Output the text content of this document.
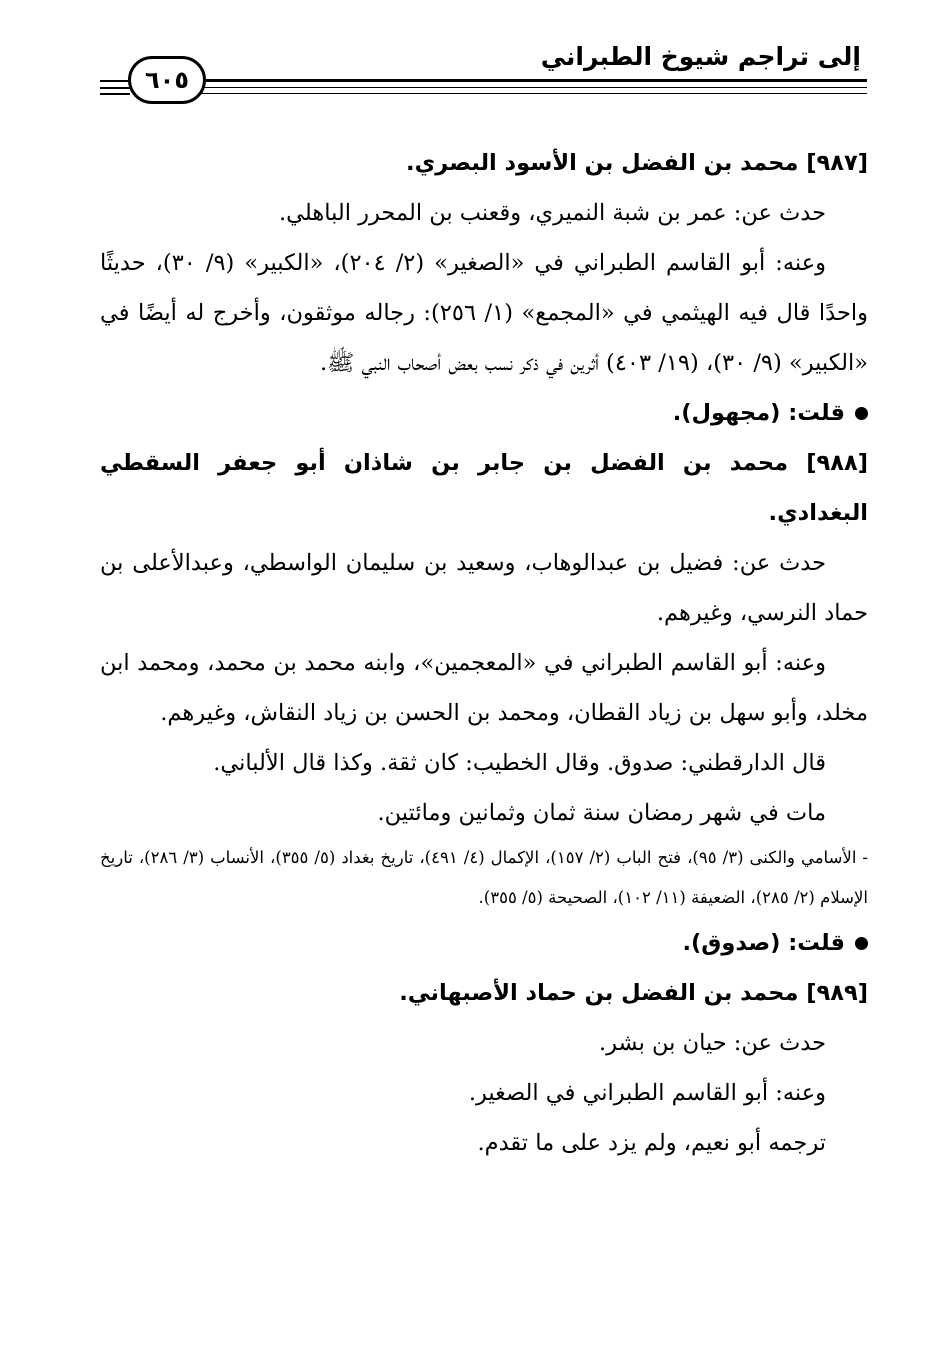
إلى تراجم شيوخ الطبراني
٦٠٥

[٩٨٧] محمد بن الفضل بن الأسود البصري.

حدث عن: عمر بن شبة النميري، وقعنب بن المحرر الباهلي.

وعنه: أبو القاسم الطبراني في «الصغير» (٢/ ٢٠٤)، «الكبير» (٩/ ٣٠)، حديثًا واحدًا قال فيه الهيثمي في «المجمع» (١/ ٢٥٦): رجاله موثقون، وأخرج له أيضًا في «الكبير» (٩/ ٣٠)، (١٩/ ٤٠٣) أثرين في ذكر نسب بعض أصحاب النبي ﷺ.

قلت: (مجهول).

[٩٨٨] محمد بن الفضل بن جابر بن شاذان أبو جعفر السقطي البغدادي.

حدث عن: فضيل بن عبدالوهاب، وسعيد بن سليمان الواسطي، وعبدالأعلى بن حماد النرسي، وغيرهم.

وعنه: أبو القاسم الطبراني في «المعجمين»، وابنه محمد بن محمد، ومحمد ابن مخلد، وأبو سهل بن زياد القطان، ومحمد بن الحسن بن زياد النقاش، وغيرهم.

قال الدارقطني: صدوق. وقال الخطيب: كان ثقة. وكذا قال الألباني.

مات في شهر رمضان سنة ثمان وثمانين ومائتين.

- الأسامي والكنى (٣/ ٩٥)، فتح الباب (٢/ ١٥٧)، الإكمال (٤/ ٤٩١)، تاريخ بغداد (٥/ ٣٥٥)، الأنساب (٣/ ٢٨٦)، تاريخ الإسلام (٢/ ٢٨٥)، الضعيفة (١١/ ١٠٢)، الصحيحة (٥/ ٣٥٥).

قلت: (صدوق).

[٩٨٩] محمد بن الفضل بن حماد الأصبهاني.

حدث عن: حيان بن بشر.

وعنه: أبو القاسم الطبراني في الصغير.

ترجمه أبو نعيم، ولم يزد على ما تقدم.
